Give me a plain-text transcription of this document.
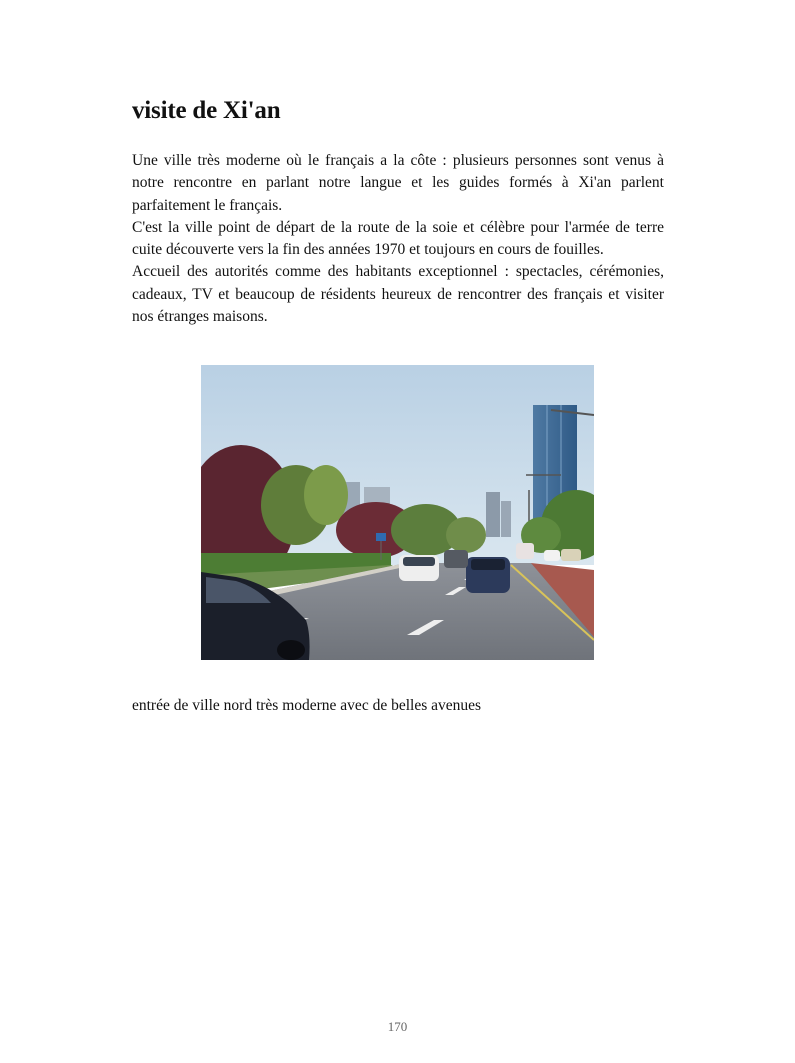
visite de Xi'an

Une ville très moderne où le français a la côte : plusieurs personnes sont venus à notre rencontre en parlant notre langue et les guides formés à Xi'an parlent parfaitement le français.

C'est la ville point de départ de la route de la soie et célèbre pour l'armée de terre cuite découverte vers la fin des années 1970 et toujours en cours de fouilles.

Accueil des autorités comme des habitants exceptionnel : spectacles, cérémonies, cadeaux, TV et beaucoup de résidents heureux de rencontrer des français et visiter nos étranges maisons.

entrée de ville nord très moderne avec de belles avenues

170
